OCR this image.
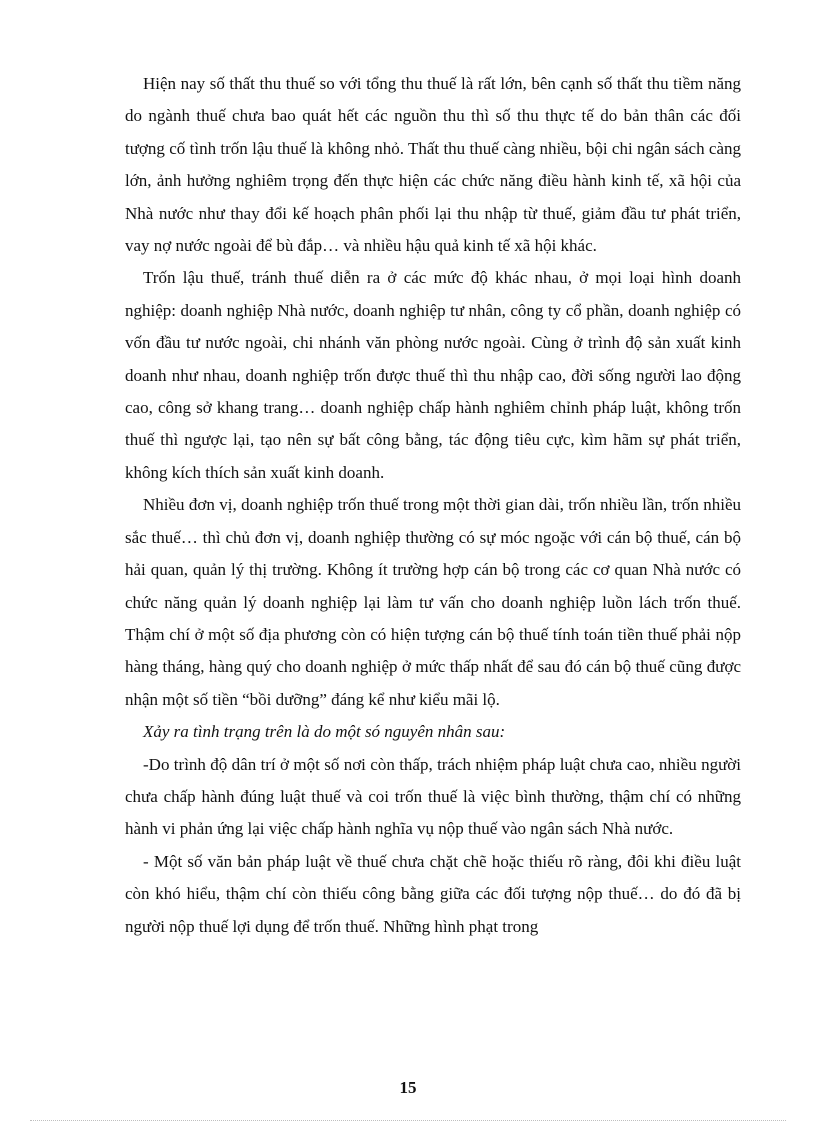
Hiện nay số thất thu thuế so với tổng thu thuế là rất lớn, bên cạnh số thất thu tiềm năng do ngành thuế chưa bao quát hết các nguồn thu thì số thu thực tế do bản thân các đối tượng cố tình trốn lậu thuế là không nhỏ. Thất thu thuế càng nhiều, bội chi ngân sách càng lớn, ảnh hưởng nghiêm trọng đến thực hiện các chức năng điều hành kinh tế, xã hội của Nhà nước như thay đổi kế hoạch phân phối lại thu nhập từ thuế, giảm đầu tư phát triển, vay nợ nước ngoài để bù đắp… và nhiều hậu quả kinh tế xã hội khác.

Trốn lậu thuế, tránh thuế diễn ra ở các mức độ khác nhau, ở mọi loại hình doanh nghiệp: doanh nghiệp Nhà nước, doanh nghiệp tư nhân, công ty cổ phần, doanh nghiệp có vốn đầu tư nước ngoài, chi nhánh văn phòng nước ngoài. Cùng ở trình độ sản xuất kinh doanh như nhau, doanh nghiệp trốn được thuế thì thu nhập cao, đời sống người lao động cao, công sở khang trang… doanh nghiệp chấp hành nghiêm chỉnh pháp luật, không trốn thuế thì ngược lại, tạo nên sự bất công bằng, tác động tiêu cực, kìm hãm sự phát triển, không kích thích sản xuất kinh doanh.

Nhiều đơn vị, doanh nghiệp trốn thuế trong một thời gian dài, trốn nhiều lần, trốn nhiều sắc thuế… thì chủ đơn vị, doanh nghiệp thường có sự móc ngoặc với cán bộ thuế, cán bộ hải quan, quản lý thị trường. Không ít trường hợp cán bộ trong các cơ quan Nhà nước có chức năng quản lý doanh nghiệp lại làm tư vấn cho doanh nghiệp luồn lách trốn thuế. Thậm chí ở một số địa phương còn có hiện tượng cán bộ thuế tính toán tiền thuế phải nộp hàng tháng, hàng quý cho doanh nghiệp ở mức thấp nhất để sau đó cán bộ thuế cũng được nhận một số tiền “bồi dưỡng” đáng kể như kiểu mãi lộ.

Xảy ra tình trạng trên là do một só nguyên nhân sau:

-Do trình độ dân trí ở một số nơi còn thấp, trách nhiệm pháp luật chưa cao, nhiều người chưa chấp hành đúng luật thuế và coi trốn thuế là việc bình thường, thậm chí có những hành vi phản ứng lại việc chấp hành nghĩa vụ nộp thuế vào ngân sách Nhà nước.

- Một số văn bản pháp luật về thuế chưa chặt chẽ hoặc thiếu rõ ràng, đôi khi điều luật còn khó hiểu, thậm chí còn thiếu công bằng giữa các đối tượng nộp thuế… do đó đã bị người nộp thuế lợi dụng để trốn thuế. Những hình phạt trong

15
